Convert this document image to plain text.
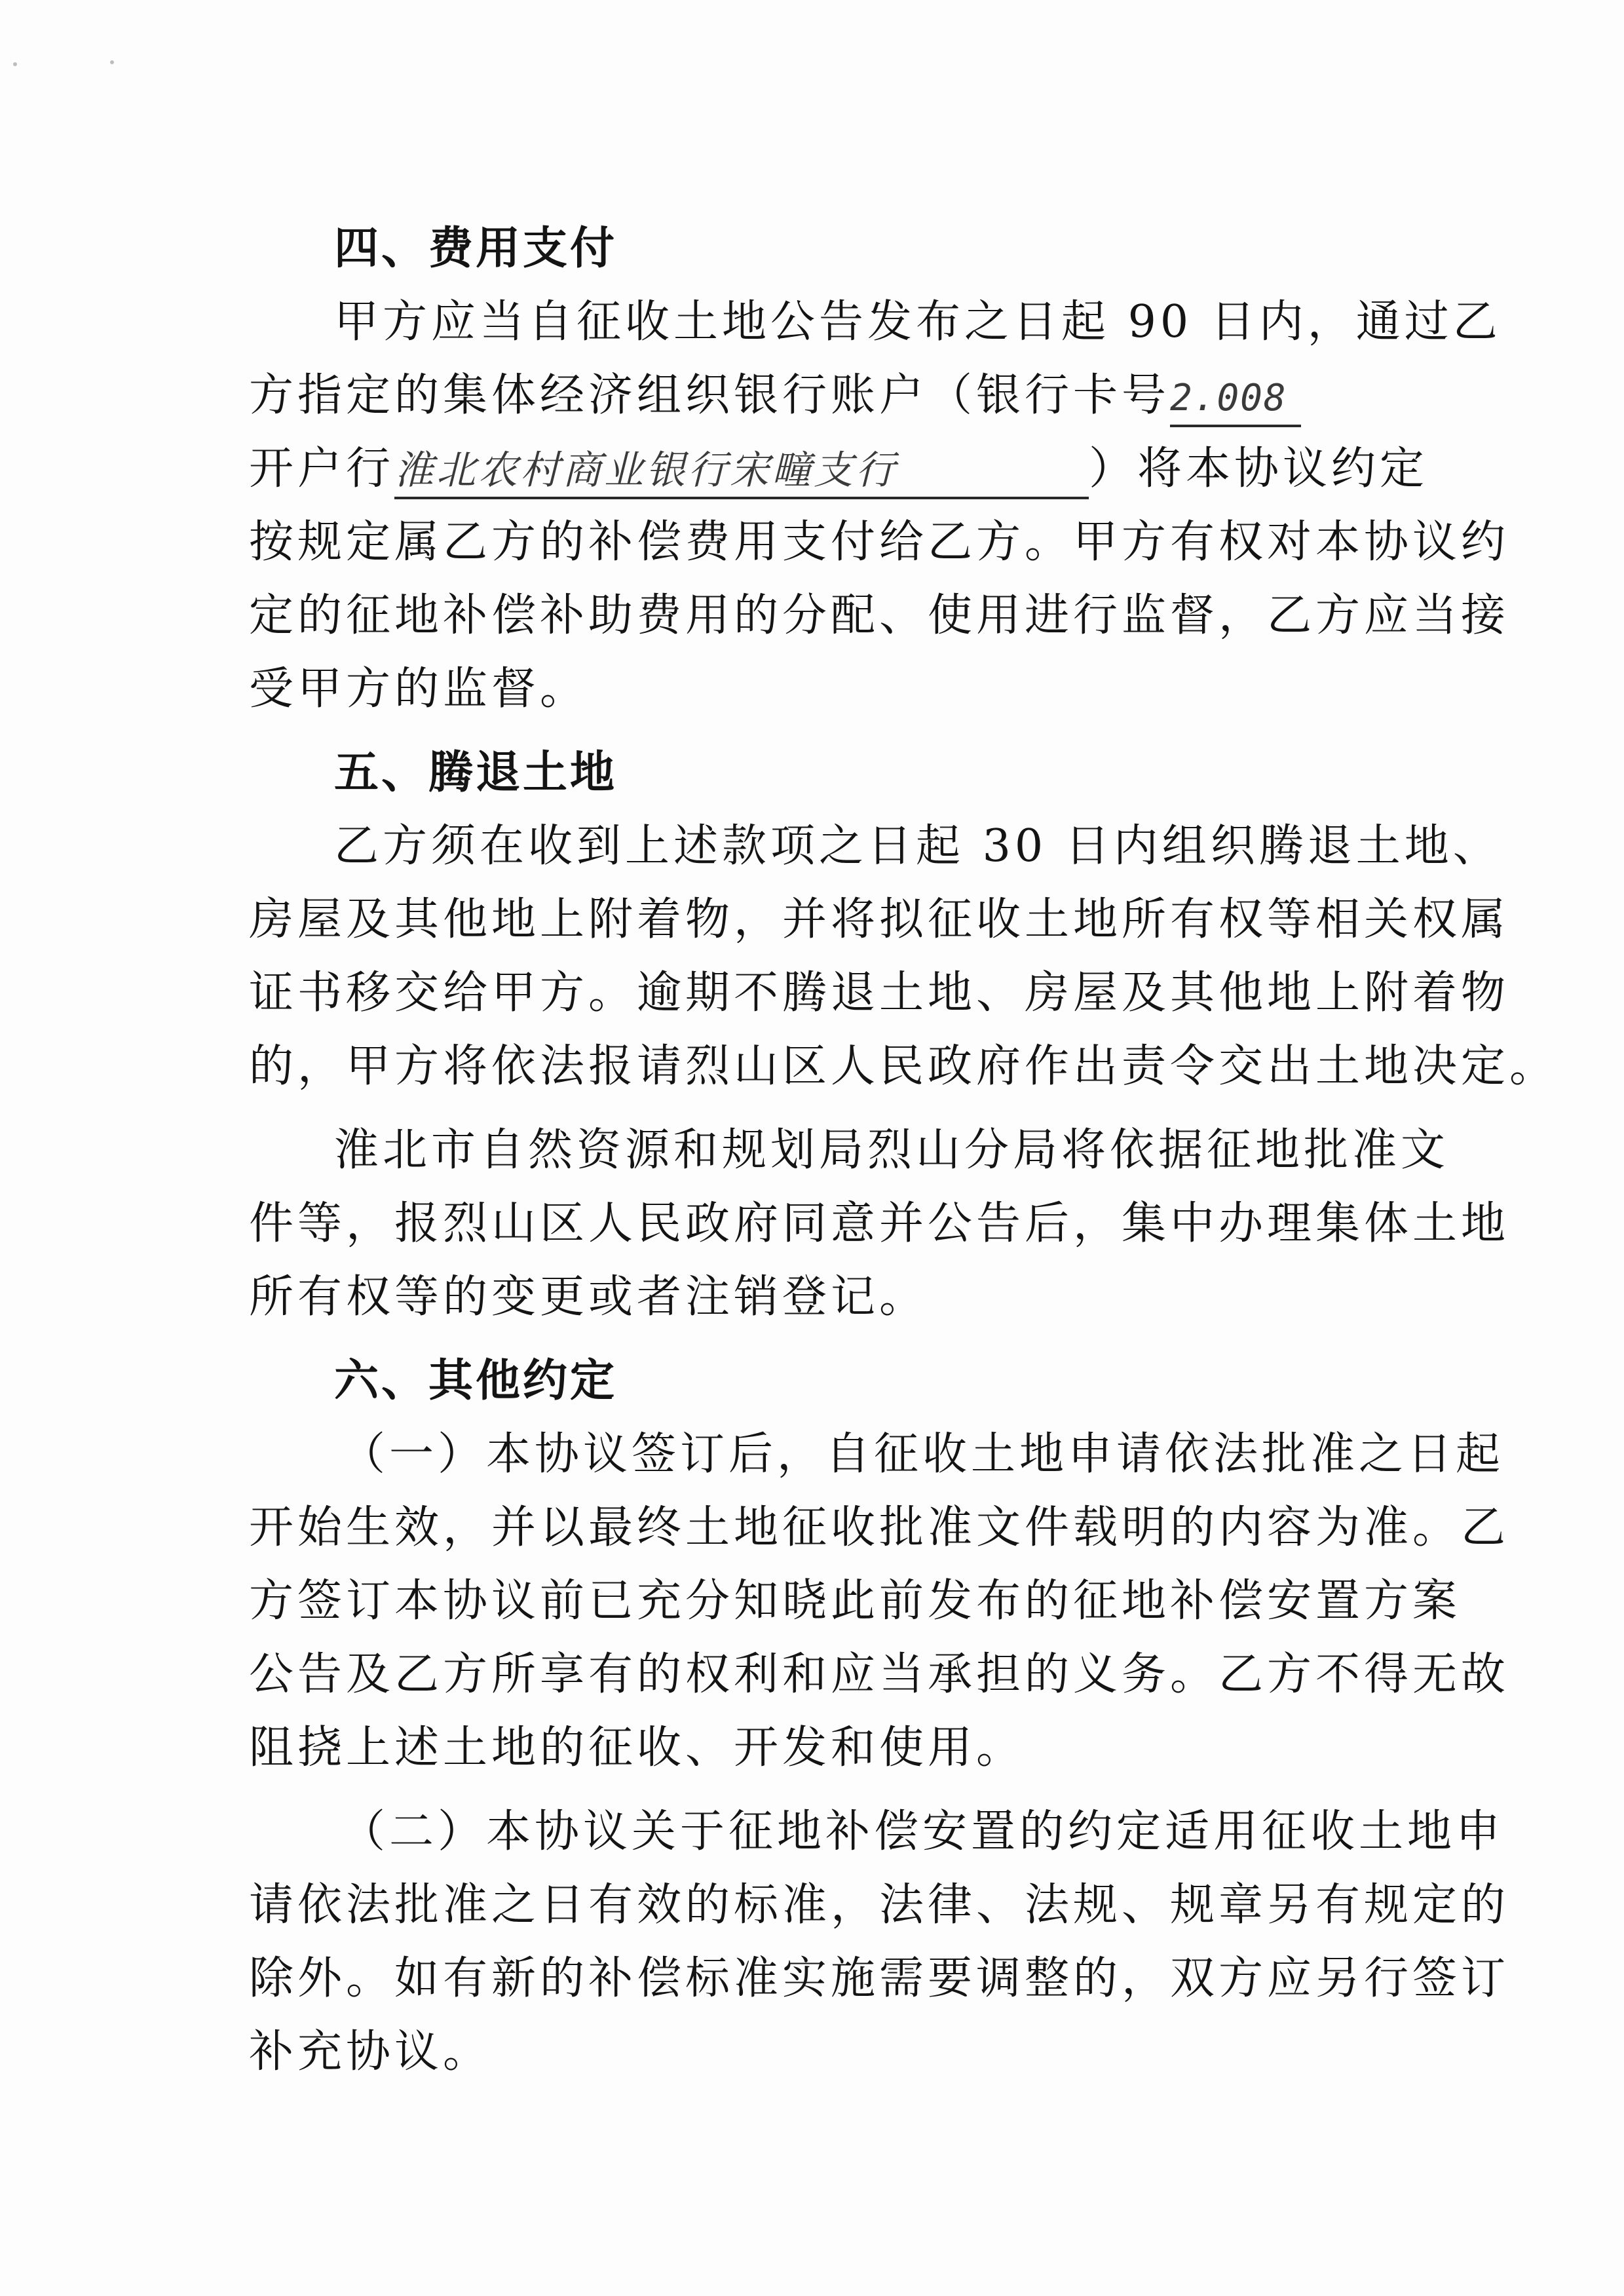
四、费用支付
甲方应当自征收土地公告发布之日起 90 日内，通过乙
方指定的集体经济组织银行账户（银行卡号2.008
开户行淮北农村商业银行宋疃支行	）将本协议约定
按规定属乙方的补偿费用支付给乙方。甲方有权对本协议约
定的征地补偿补助费用的分配、使用进行监督，乙方应当接
受甲方的监督。
五、腾退土地
乙方须在收到上述款项之日起 30 日内组织腾退土地、
房屋及其他地上附着物，并将拟征收土地所有权等相关权属
证书移交给甲方。逾期不腾退土地、房屋及其他地上附着物
的，甲方将依法报请烈山区人民政府作出责令交出土地决定。
淮北市自然资源和规划局烈山分局将依据征地批准文
件等，报烈山区人民政府同意并公告后，集中办理集体土地
所有权等的变更或者注销登记。
六、其他约定
（一）本协议签订后，自征收土地申请依法批准之日起
开始生效，并以最终土地征收批准文件载明的内容为准。乙
方签订本协议前已充分知晓此前发布的征地补偿安置方案
公告及乙方所享有的权利和应当承担的义务。乙方不得无故
阻挠上述土地的征收、开发和使用。
（二）本协议关于征地补偿安置的约定适用征收土地申
请依法批准之日有效的标准，法律、法规、规章另有规定的
除外。如有新的补偿标准实施需要调整的，双方应另行签订
补充协议。
